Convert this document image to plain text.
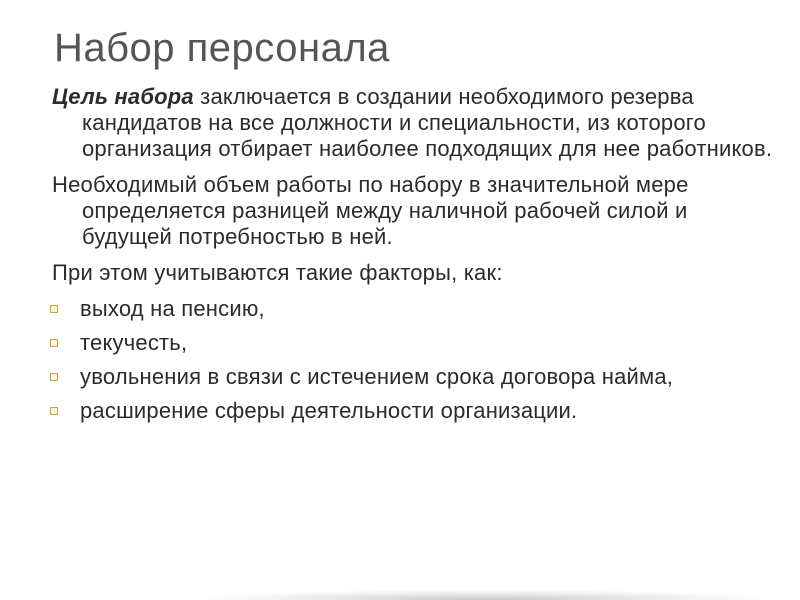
Набор персонала

Цель набора заключается в создании необходимого резерва кандидатов на все должности и специальности, из которого организация отбирает наиболее подходящих для нее работников.

Необходимый объем работы по набору в значительной мере определяется разницей между наличной рабочей силой и будущей потребностью в ней.

При этом учитываются такие факторы, как:

выход на пенсию,

текучесть,

увольнения в связи с истечением срока договора найма,

расширение сферы деятельности организации.
